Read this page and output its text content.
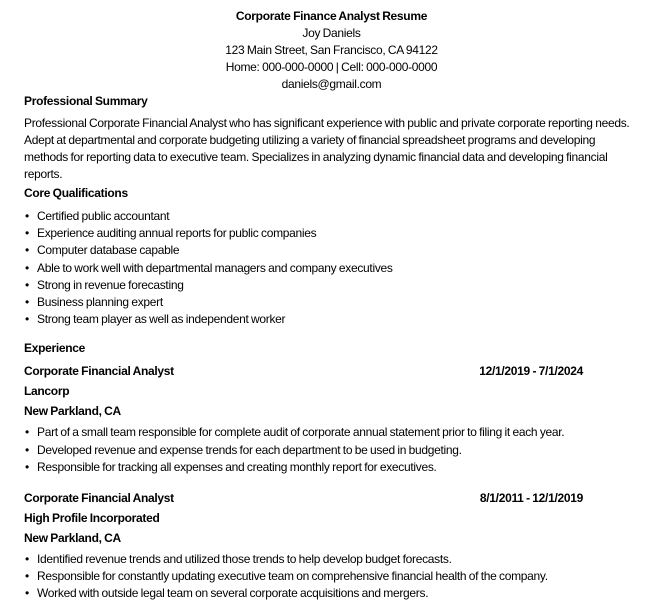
Corporate Finance Analyst Resume
Joy Daniels
123 Main Street, San Francisco, CA 94122
Home: 000-000-0000 | Cell: 000-000-0000
daniels@gmail.com
Professional Summary

Professional Corporate Financial Analyst who has significant experience with public and private corporate reporting needs. Adept at departmental and corporate budgeting utilizing a variety of financial spreadsheet programs and developing methods for reporting data to executive team. Specializes in analyzing dynamic financial data and developing financial reports.

Core Qualifications
• Certified public accountant
• Experience auditing annual reports for public companies
• Computer database capable
• Able to work well with departmental managers and company executives
• Strong in revenue forecasting
• Business planning expert
• Strong team player as well as independent worker
Experience
Corporate Financial Analyst	12/1/2019 - 7/1/2024
Lancorp
New Parkland, CA
• Part of a small team responsible for complete audit of corporate annual statement prior to filing it each year.
• Developed revenue and expense trends for each department to be used in budgeting.
• Responsible for tracking all expenses and creating monthly report for executives.
Corporate Financial Analyst	8/1/2011 - 12/1/2019
High Profile Incorporated
New Parkland, CA
• Identified revenue trends and utilized those trends to help develop budget forecasts.
• Responsible for constantly updating executive team on comprehensive financial health of the company.
• Worked with outside legal team on several corporate acquisitions and mergers.
